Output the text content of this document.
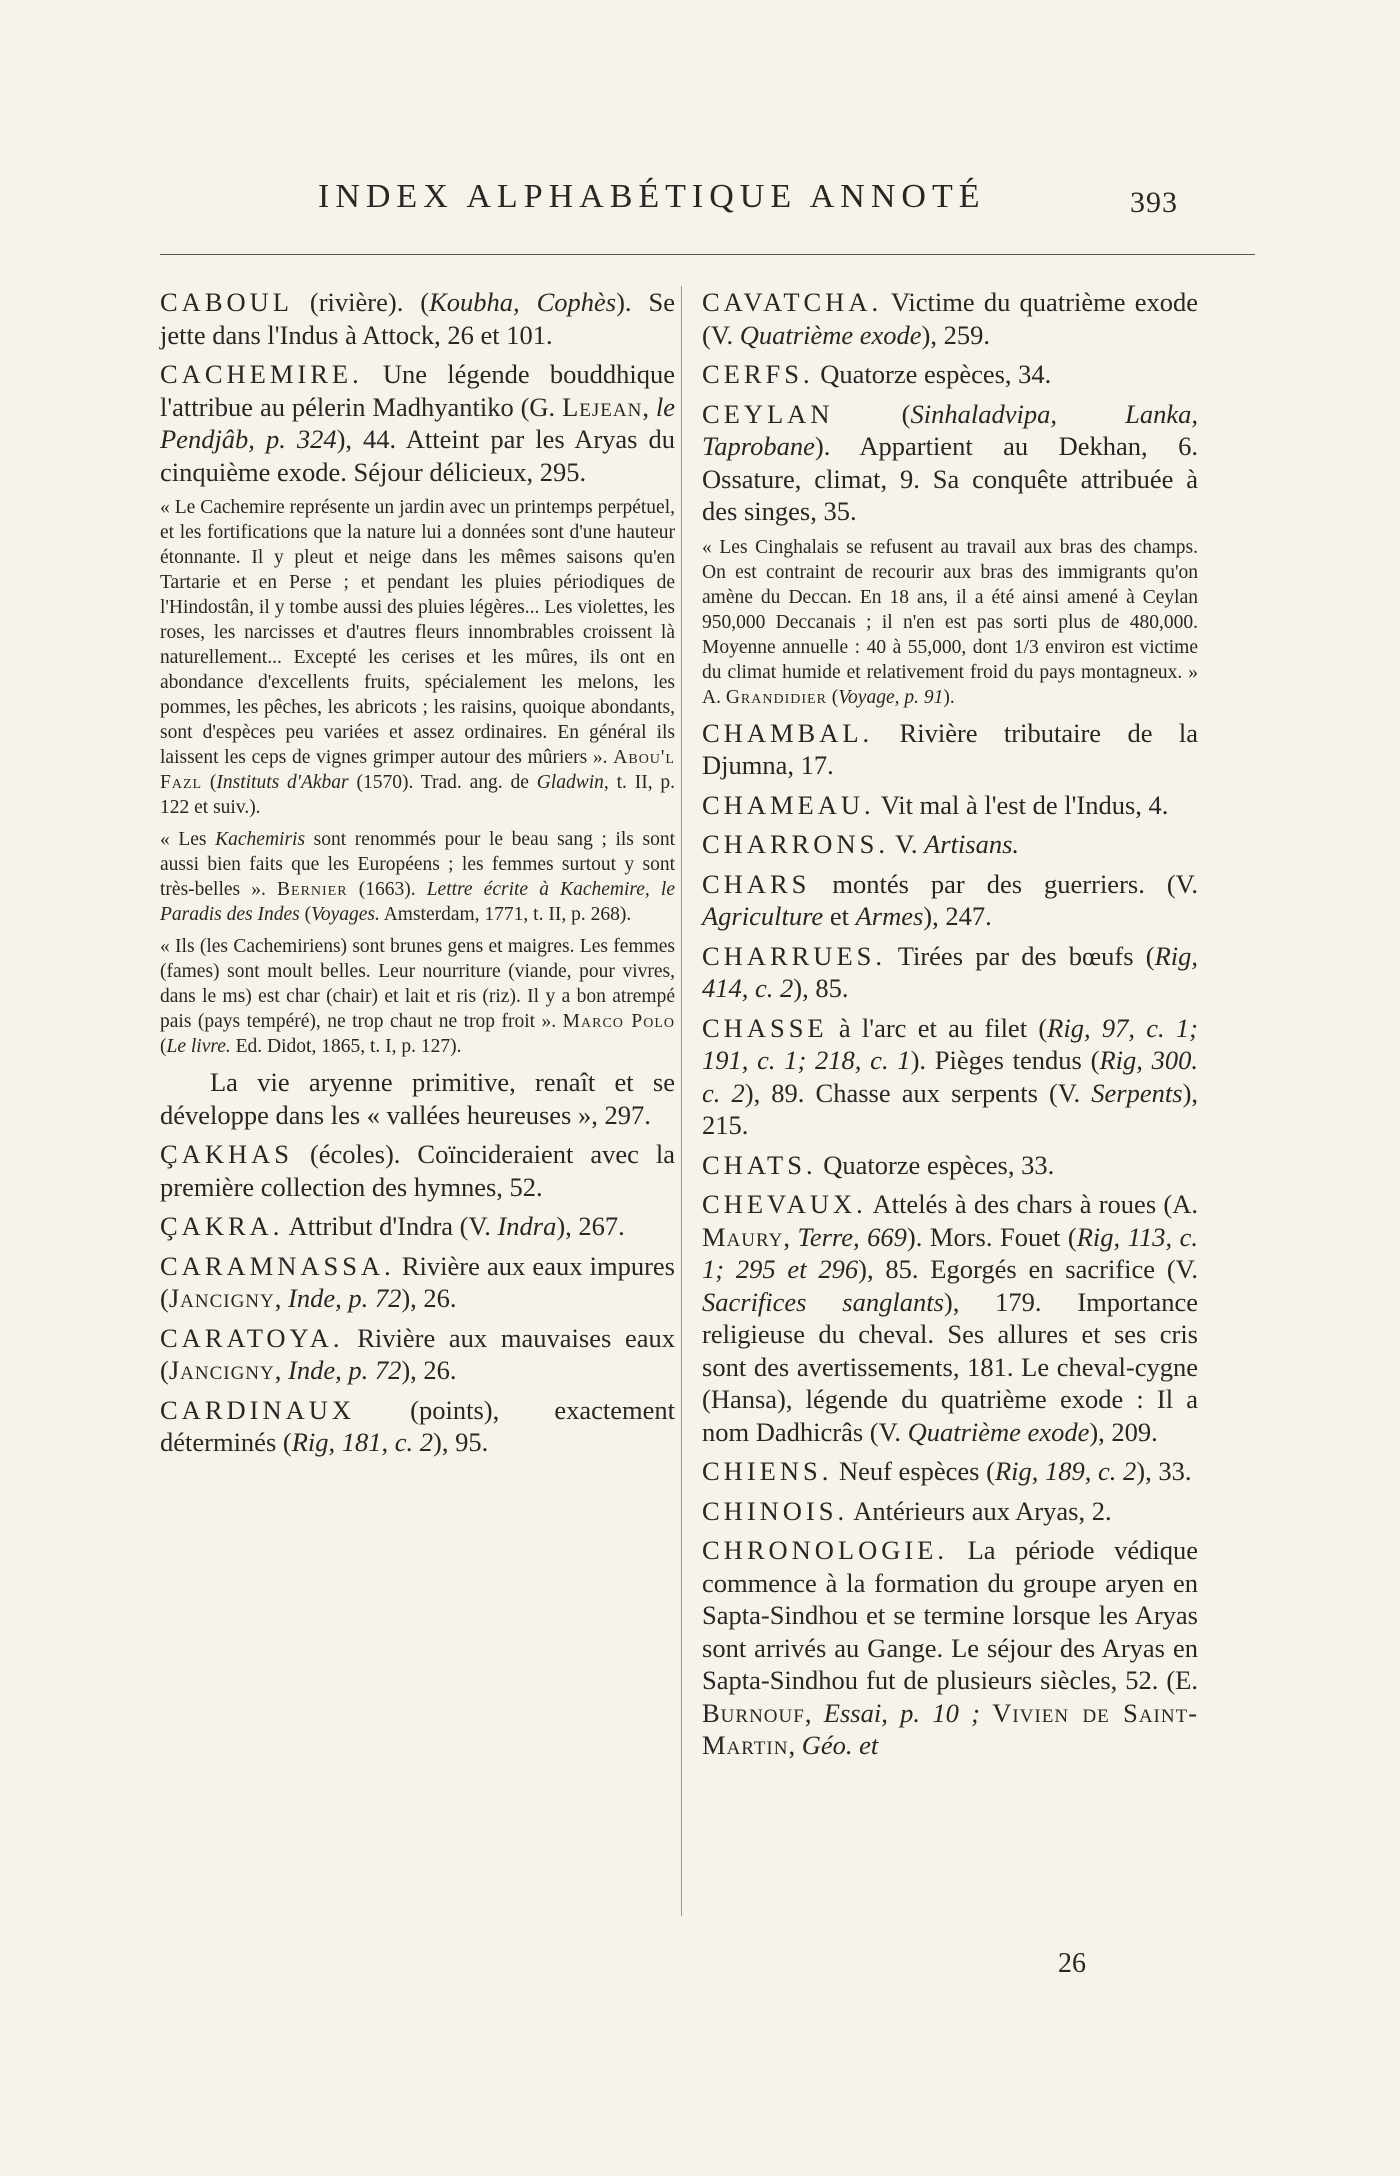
INDEX ALPHABÉTIQUE ANNOTÉ	393

CABOUL (rivière). (Koubha, Cophès). Se jette dans l'Indus à Attock, 26 et 101.

CACHEMIRE. Une légende bouddhique l'attribue au pélerin Madhyantiko (G. Lejean, le Pendjâb, p. 324), 44. Atteint par les Aryas du cinquième exode. Séjour délicieux, 295.

« Le Cachemire représente un jardin avec un printemps perpétuel, et les fortifications que la nature lui a données sont d'une hauteur étonnante. Il y pleut et neige dans les mêmes saisons qu'en Tartarie et en Perse ; et pendant les pluies périodiques de l'Hindostân, il y tombe aussi des pluies légères... Les violettes, les roses, les narcisses et d'autres fleurs innombrables croissent là naturellement... Excepté les cerises et les mûres, ils ont en abondance d'excellents fruits, spécialement les melons, les pommes, les pêches, les abricots ; les raisins, quoique abondants, sont d'espèces peu variées et assez ordinaires. En général ils laissent les ceps de vignes grimper autour des mûriers ». Abou'l Fazl (Instituts d'Akbar (1570). Trad. ang. de Gladwin, t. II, p. 122 et suiv.).

« Les Kachemiris sont renommés pour le beau sang ; ils sont aussi bien faits que les Européens ; les femmes surtout y sont très-belles ». Bernier (1663). Lettre écrite à Kachemire, le Paradis des Indes (Voyages. Amsterdam, 1771, t. II, p. 268).

« Ils (les Cachemiriens) sont brunes gens et maigres. Les femmes (fames) sont moult belles. Leur nourriture (viande, pour vivres, dans le ms) est char (chair) et lait et ris (riz). Il y a bon atrempé pais (pays tempéré), ne trop chaut ne trop froit ». Marco Polo (Le livre. Ed. Didot, 1865, t. I, p. 127).

La vie aryenne primitive, renaît et se développe dans les « vallées heureuses », 297.

ÇAKHAS (écoles). Coïncideraient avec la première collection des hymnes, 52.

ÇAKRA. Attribut d'Indra (V. Indra), 267.

CARAMNASSA. Rivière aux eaux impures (Jancigny, Inde, p. 72), 26.

CARATOYA. Rivière aux mauvaises eaux (Jancigny, Inde, p. 72), 26.

CARDINAUX (points), exactement déterminés (Rig, 181, c. 2), 95.

CAVATCHA. Victime du quatrième exode (V. Quatrième exode), 259.

CERFS. Quatorze espèces, 34.

CEYLAN (Sinhaladvipa, Lanka, Taprobane). Appartient au Dekhan, 6. Ossature, climat, 9. Sa conquête attribuée à des singes, 35.

« Les Cinghalais se refusent au travail aux bras des champs. On est contraint de recourir aux bras des immigrants qu'on amène du Deccan. En 18 ans, il a été ainsi amené à Ceylan 950,000 Deccanais ; il n'en est pas sorti plus de 480,000. Moyenne annuelle : 40 à 55,000, dont 1/3 environ est victime du climat humide et relativement froid du pays montagneux. » A. Grandidier (Voyage, p. 91).

CHAMBAL. Rivière tributaire de la Djumna, 17.

CHAMEAU. Vit mal à l'est de l'Indus, 4.

CHARRONS. V. Artisans.

CHARS montés par des guerriers. (V. Agriculture et Armes), 247.

CHARRUES. Tirées par des bœufs (Rig, 414, c. 2), 85.

CHASSE à l'arc et au filet (Rig, 97, c. 1; 191, c. 1; 218, c. 1). Pièges tendus (Rig, 300. c. 2), 89. Chasse aux serpents (V. Serpents), 215.

CHATS. Quatorze espèces, 33.

CHEVAUX. Attelés à des chars à roues (A. Maury, Terre, 669). Mors. Fouet (Rig, 113, c. 1; 295 et 296), 85. Egorgés en sacrifice (V. Sacrifices sanglants), 179. Importance religieuse du cheval. Ses allures et ses cris sont des avertissements, 181. Le cheval-cygne (Hansa), légende du quatrième exode : Il a nom Dadhicrâs (V. Quatrième exode), 209.

CHIENS. Neuf espèces (Rig, 189, c. 2), 33.

CHINOIS. Antérieurs aux Aryas, 2.

CHRONOLOGIE. La période védique commence à la formation du groupe aryen en Sapta-Sindhou et se termine lorsque les Aryas sont arrivés au Gange. Le séjour des Aryas en Sapta-Sindhou fut de plusieurs siècles, 52. (E. Burnouf, Essai, p. 10 ; Vivien de Saint-Martin, Géo. et

26
